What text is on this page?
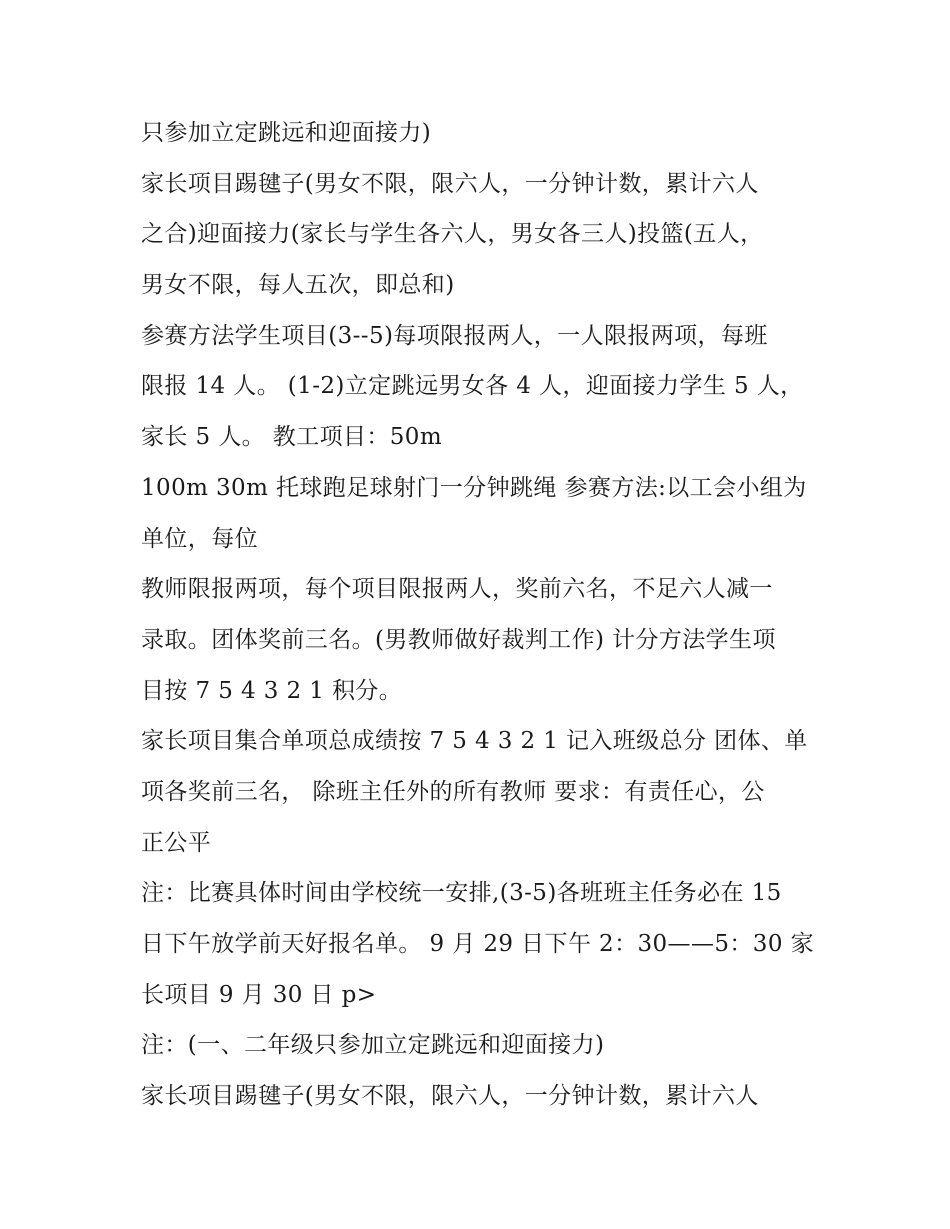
只参加立定跳远和迎面接力)
家长项目踢毽子(男女不限，限六人，一分钟计数，累计六人
之合)迎面接力(家长与学生各六人，男女各三人)投篮(五人，
男女不限，每人五次，即总和)
参赛方法学生项目(3--5)每项限报两人，一人限报两项，每班
限报 14 人。 (1-2)立定跳远男女各 4 人，迎面接力学生 5 人，
家长 5 人。 教工项目：50m
100m 30m 托球跑足球射门一分钟跳绳 参赛方法:以工会小组为
单位，每位
教师限报两项，每个项目限报两人，奖前六名，不足六人减一
录取。团体奖前三名。(男教师做好裁判工作) 计分方法学生项
目按 7 5 4 3 2 1 积分。
家长项目集合单项总成绩按 7 5 4 3 2 1 记入班级总分 团体、单
项各奖前三名， 除班主任外的所有教师 要求：有责任心，公
正公平
注：比赛具体时间由学校统一安排,(3-5)各班班主任务必在 15
日下午放学前天好报名单。 9 月 29 日下午 2：30——5：30 家
长项目 9 月 30 日 p>
注：(一、二年级只参加立定跳远和迎面接力)
家长项目踢毽子(男女不限，限六人，一分钟计数，累计六人
